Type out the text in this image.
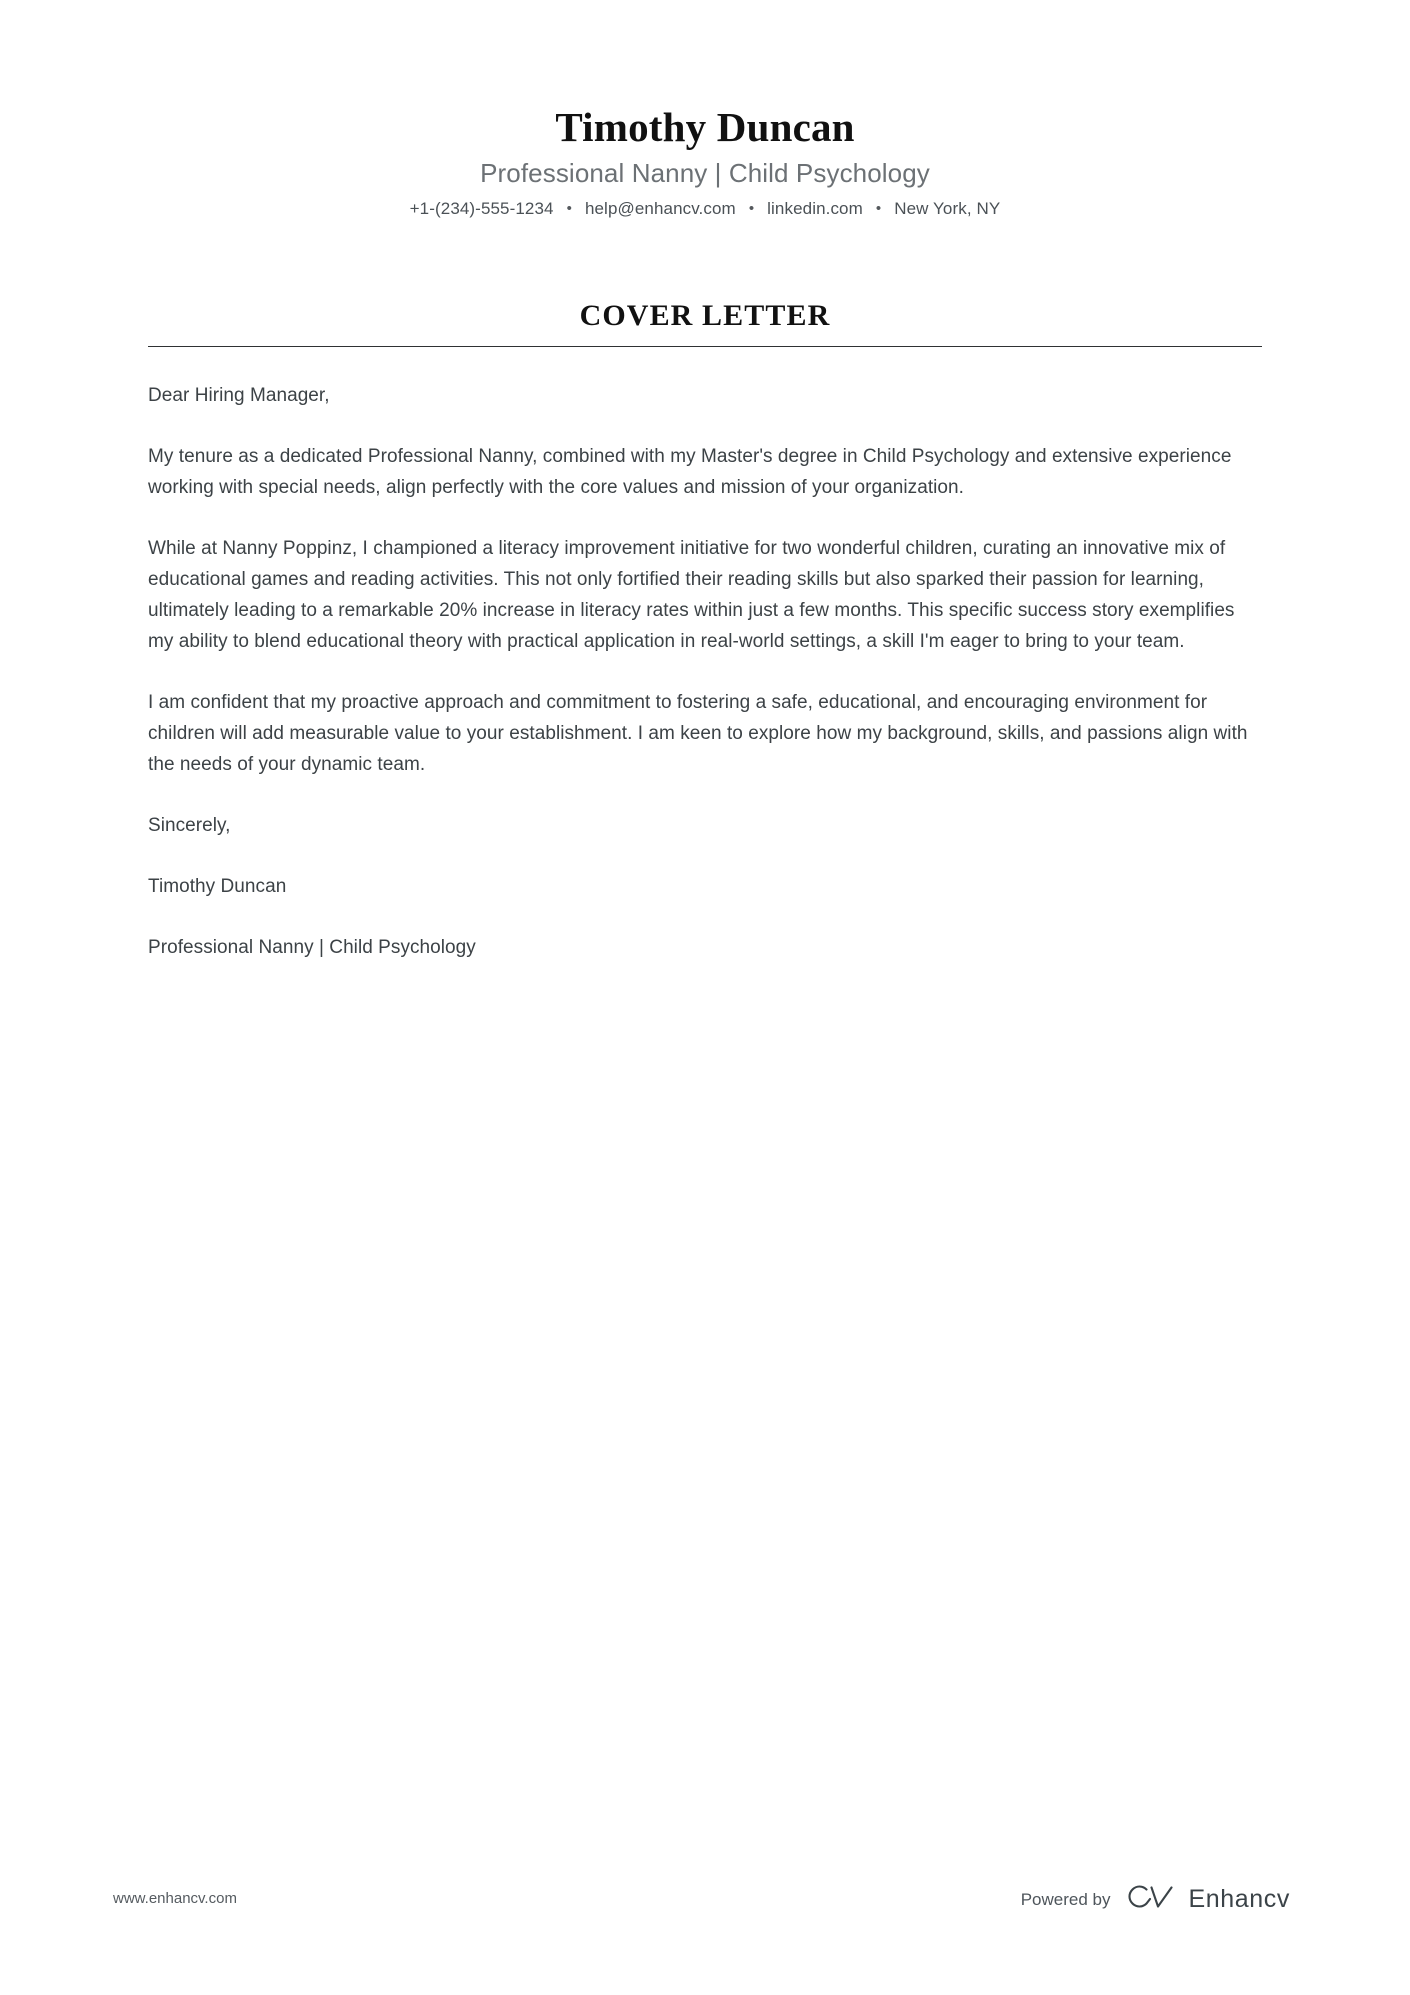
Timothy Duncan
Professional Nanny | Child Psychology
+1-(234)-555-1234 • help@enhancv.com • linkedin.com • New York, NY
COVER LETTER

Dear Hiring Manager,

My tenure as a dedicated Professional Nanny, combined with my Master's degree in Child Psychology and extensive experience working with special needs, align perfectly with the core values and mission of your organization.

While at Nanny Poppinz, I championed a literacy improvement initiative for two wonderful children, curating an innovative mix of educational games and reading activities. This not only fortified their reading skills but also sparked their passion for learning, ultimately leading to a remarkable 20% increase in literacy rates within just a few months. This specific success story exemplifies my ability to blend educational theory with practical application in real-world settings, a skill I'm eager to bring to your team.

I am confident that my proactive approach and commitment to fostering a safe, educational, and encouraging environment for children will add measurable value to your establishment. I am keen to explore how my background, skills, and passions align with the needs of your dynamic team.

Sincerely,

Timothy Duncan

Professional Nanny | Child Psychology

www.enhancv.com	Powered by	Enhancv
